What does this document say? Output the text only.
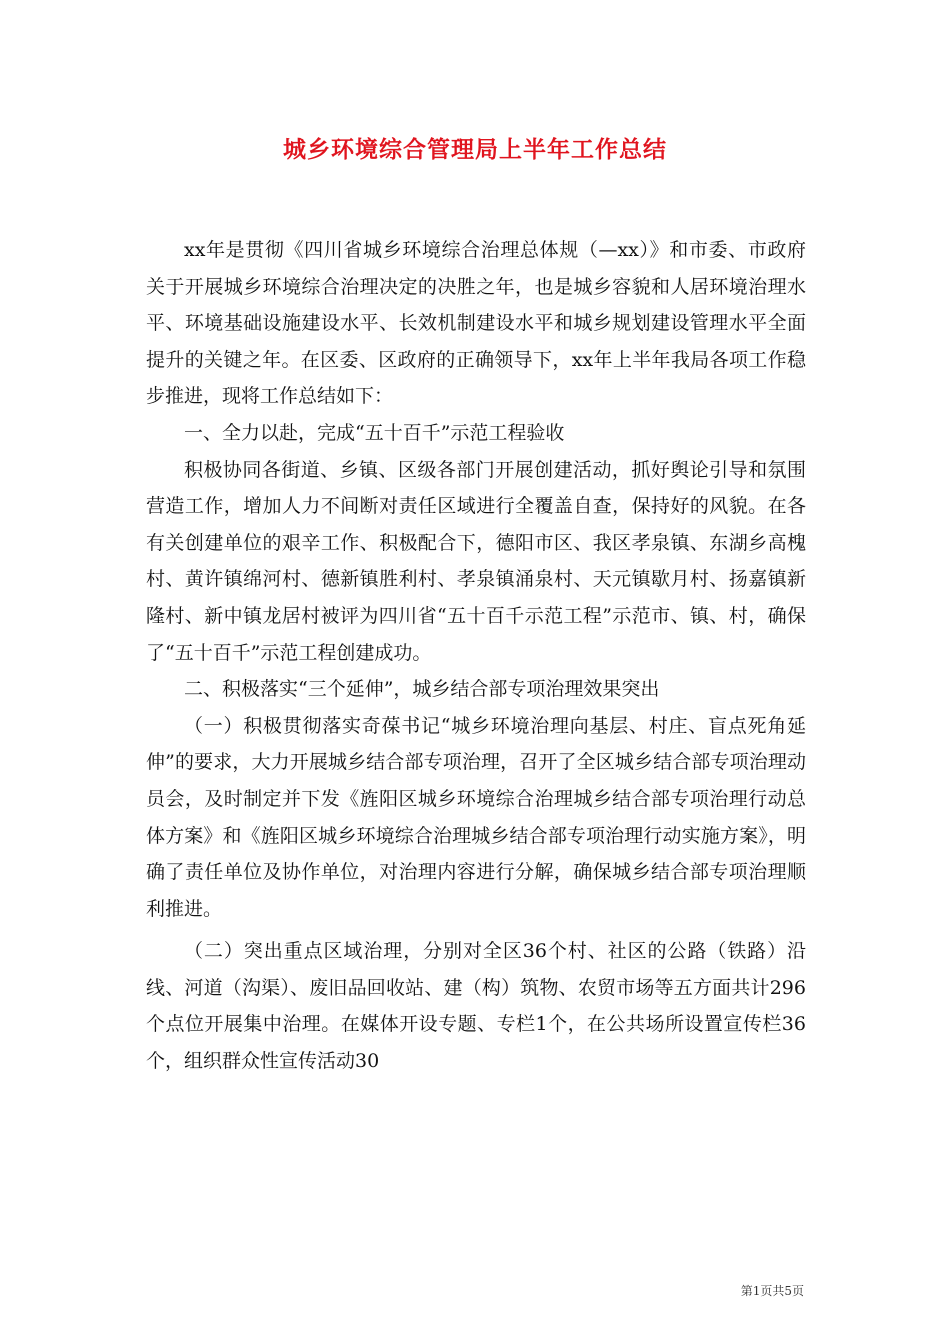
城乡环境综合管理局上半年工作总结

xx年是贯彻《四川省城乡环境综合治理总体规（—xx）》和市委、市政府关于开展城乡环境综合治理决定的决胜之年，也是城乡容貌和人居环境治理水平、环境基础设施建设水平、长效机制建设水平和城乡规划建设管理水平全面提升的关键之年。在区委、区政府的正确领导下，xx年上半年我局各项工作稳步推进，现将工作总结如下：

一、全力以赴，完成“五十百千”示范工程验收

积极协同各街道、乡镇、区级各部门开展创建活动，抓好舆论引导和氛围营造工作，增加人力不间断对责任区域进行全覆盖自查，保持好的风貌。在各有关创建单位的艰辛工作、积极配合下，德阳市区、我区孝泉镇、东湖乡高槐村、黄许镇绵河村、德新镇胜利村、孝泉镇涌泉村、天元镇歇月村、扬嘉镇新隆村、新中镇龙居村被评为四川省“五十百千示范工程”示范市、镇、村，确保了“五十百千”示范工程创建成功。

二、积极落实“三个延伸”，城乡结合部专项治理效果突出

（一）积极贯彻落实奇葆书记“城乡环境治理向基层、村庄、盲点死角延伸”的要求，大力开展城乡结合部专项治理，召开了全区城乡结合部专项治理动员会，及时制定并下发《旌阳区城乡环境综合治理城乡结合部专项治理行动总体方案》和《旌阳区城乡环境综合治理城乡结合部专项治理行动实施方案》，明确了责任单位及协作单位，对治理内容进行分解，确保城乡结合部专项治理顺利推进。

（二）突出重点区域治理，分别对全区36个村、社区的公路（铁路）沿线、河道（沟渠）、废旧品回收站、建（构）筑物、农贸市场等五方面共计296个点位开展集中治理。在媒体开设专题、专栏1个，在公共场所设置宣传栏36个，组织群众性宣传活动30

第1页共5页
